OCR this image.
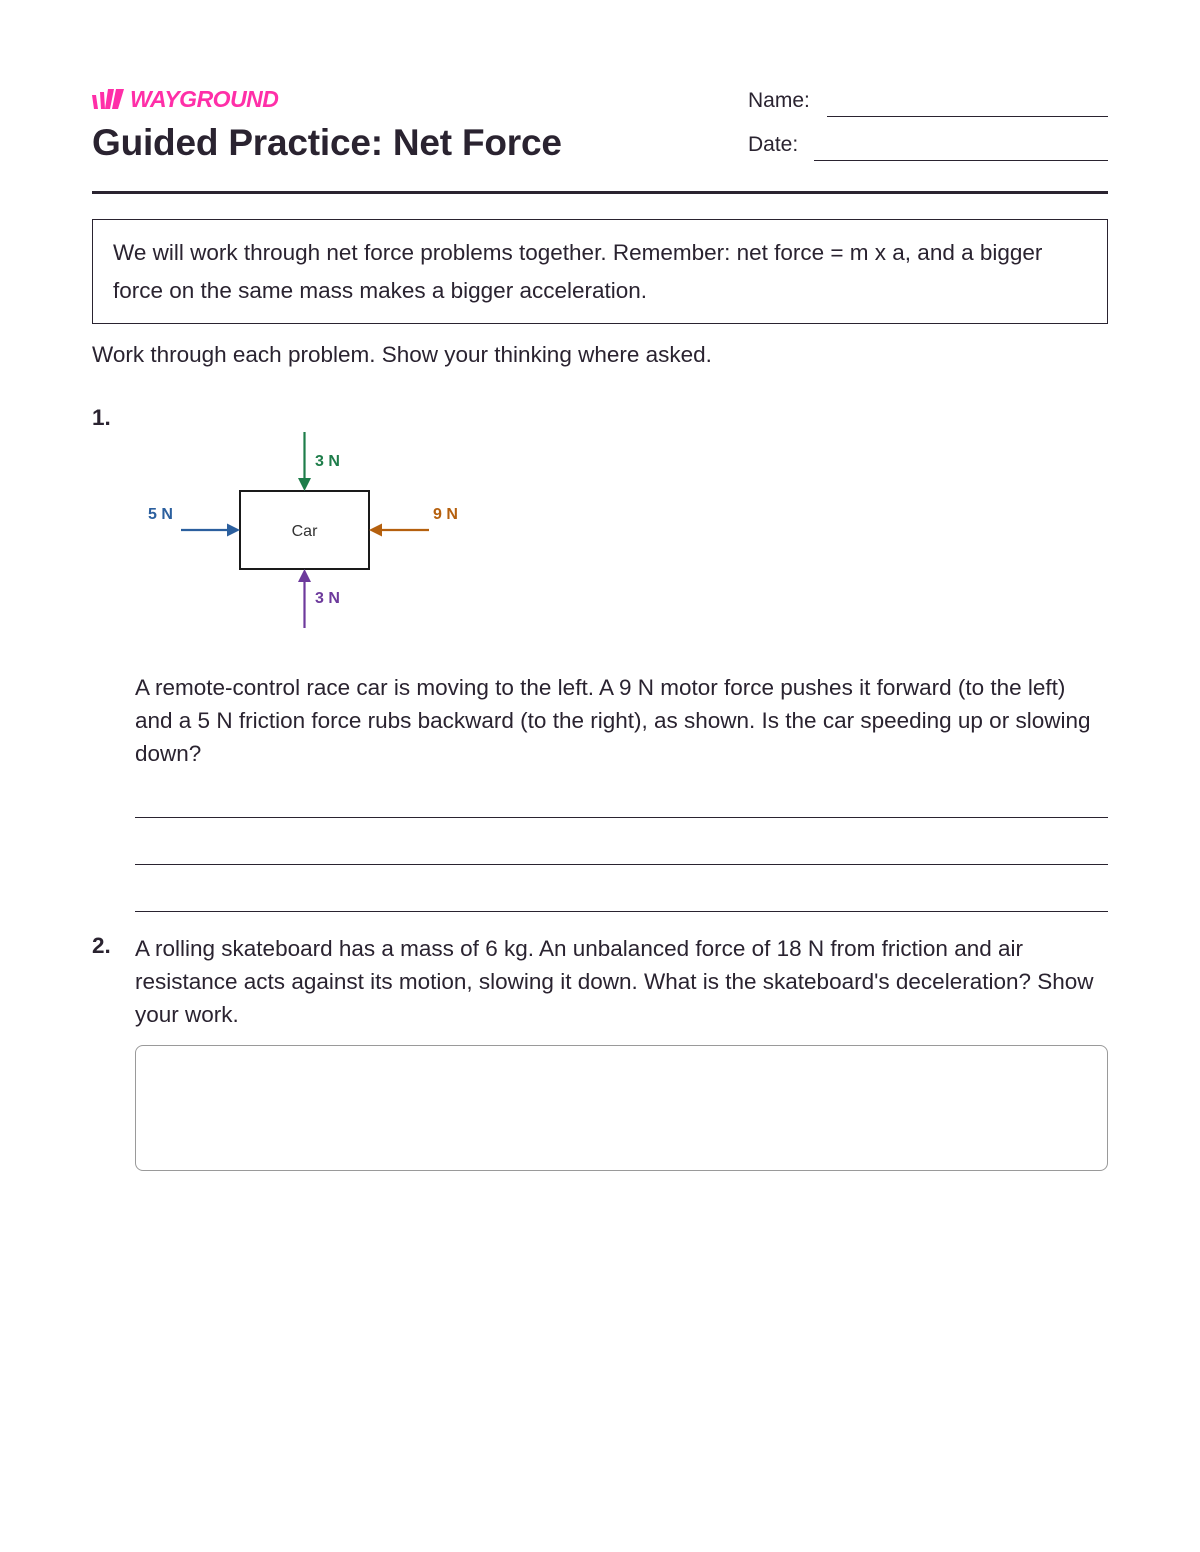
WAYGROUND
Guided Practice: Net Force
Name:
Date:
We will work through net force problems together. Remember: net force = m x a, and a bigger force on the same mass makes a bigger acceleration.
Work through each problem. Show your thinking where asked.
1.
Car
3 N
3 N
5 N	9 N
A remote-control race car is moving to the left. A 9 N motor force pushes it forward (to the left) and a 5 N friction force rubs backward (to the right), as shown. Is the car speeding up or slowing down?
2. A rolling skateboard has a mass of 6 kg. An unbalanced force of 18 N from friction and air resistance acts against its motion, slowing it down. What is the skateboard's deceleration? Show your work.
